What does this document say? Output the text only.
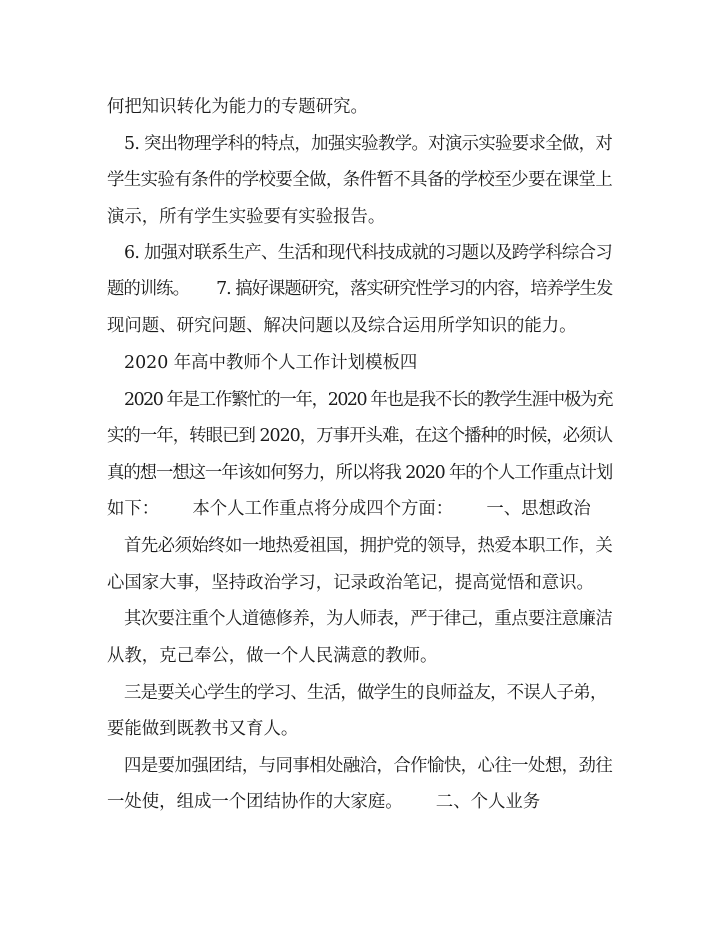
何把知识转化为能力的专题研究。
5. 突出物理学科的特点，加强实验教学。对演示实验要求全做，对
学生实验有条件的学校要全做，条件暂不具备的学校至少要在课堂上
演示，所有学生实验要有实验报告。
6. 加强对联系生产、生活和现代科技成就的习题以及跨学科综合习
题的训练。      7. 搞好课题研究，落实研究性学习的内容，培养学生发
现问题、研究问题、解决问题以及综合运用所学知识的能力。
2020 年高中教师个人工作计划模板四
2020 年是工作繁忙的一年，2020 年也是我不长的教学生涯中极为充
实的一年，转眼已到 2020，万事开头难，在这个播种的时候，必须认
真的想一想这一年该如何努力，所以将我 2020 年的个人工作重点计划
如下：      本个人工作重点将分成四个方面：      一、思想政治
首先必须始终如一地热爱祖国，拥护党的领导，热爱本职工作，关
心国家大事，坚持政治学习，记录政治笔记，提高觉悟和意识。
其次要注重个人道德修养，为人师表，严于律己，重点要注意廉洁
从教，克己奉公，做一个人民满意的教师。
三是要关心学生的学习、生活，做学生的良师益友，不误人子弟，
要能做到既教书又育人。
四是要加强团结，与同事相处融洽，合作愉快，心往一处想，劲往
一处使，组成一个团结协作的大家庭。      二、个人业务
